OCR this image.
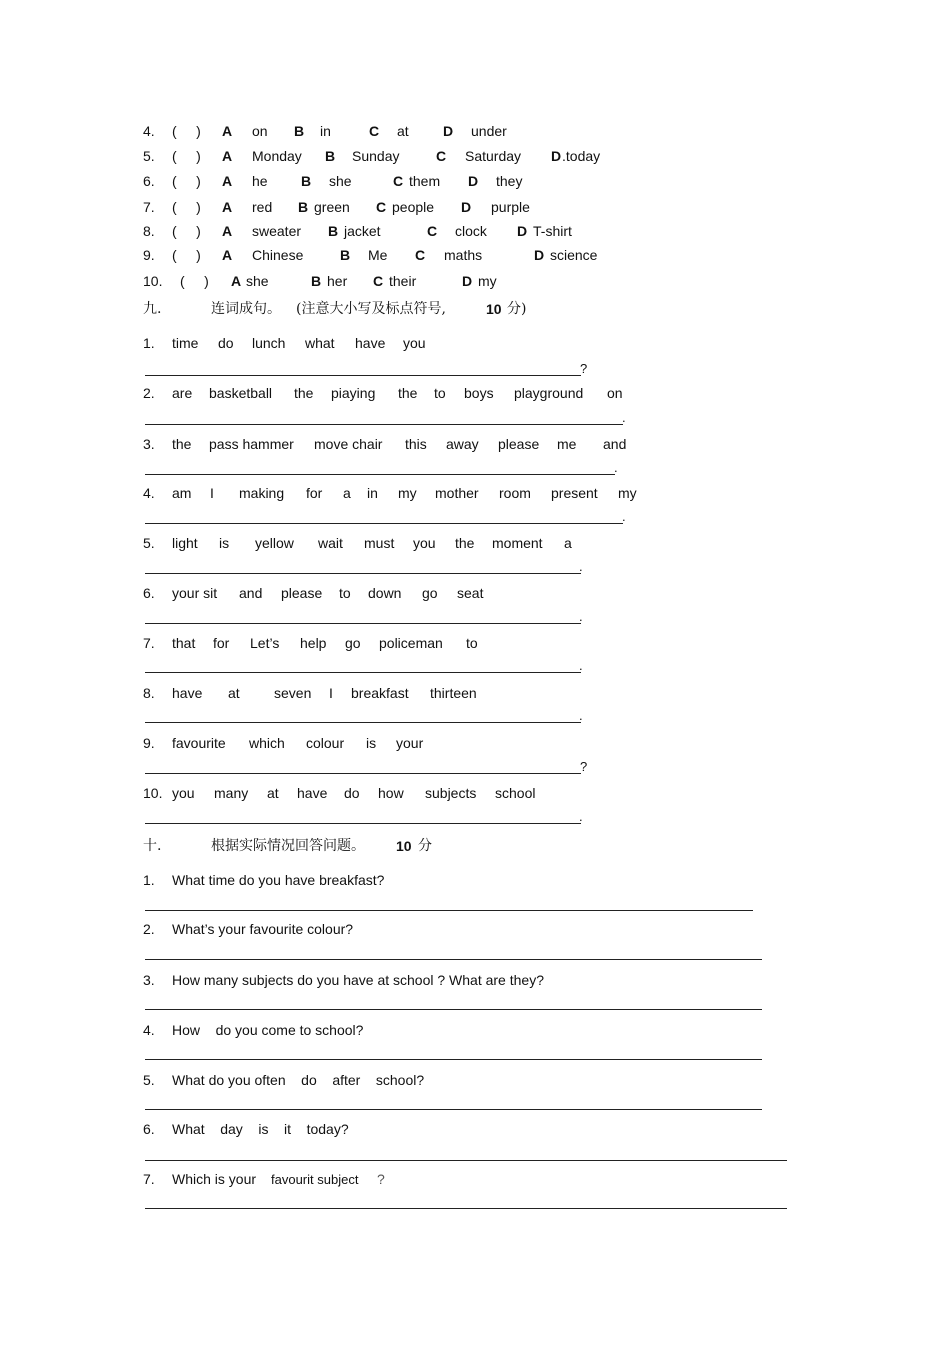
4. (     ) A on B in	C at D under
5. (     ) A Monday B Sunday	C Saturday D .today
6. (     ) A he B she	C them D they
7. (     ) A red B green C people D purple
8. (     ) A sweater B jacket	C clock D T-shirt
9. (     ) A Chinese	B Me C maths	D science
10. (     ) A she	B her C their	D my
九.	连词成句。 (注意大小写及标点符号,	10 分)
1. time do lunch what have you
?
2. are basketball the piaying the to boys playground on
.
3. the pass hammer move chair this away please me and
.
4. am I making for a in my mother room present my
.
5. light is yellow wait must you the moment a
.
6. your sit and please to down go seat
.
7. that for Let’s help go policeman to
.
8. have at seven I breakfast thirteen
.
9. favourite which colour is your
?
10. you many at have do how subjects school
.
十.	根据实际情况回答问题。 10 分
1. What time do you have breakfast?
2. What’s your favourite colour?
3. How many subjects do you have at school ? What are they?
4. How    do you come to school?
5. What do you often    do    after    school?
6. What    day    is    it    today?
7. Which is your favourit subject ?
